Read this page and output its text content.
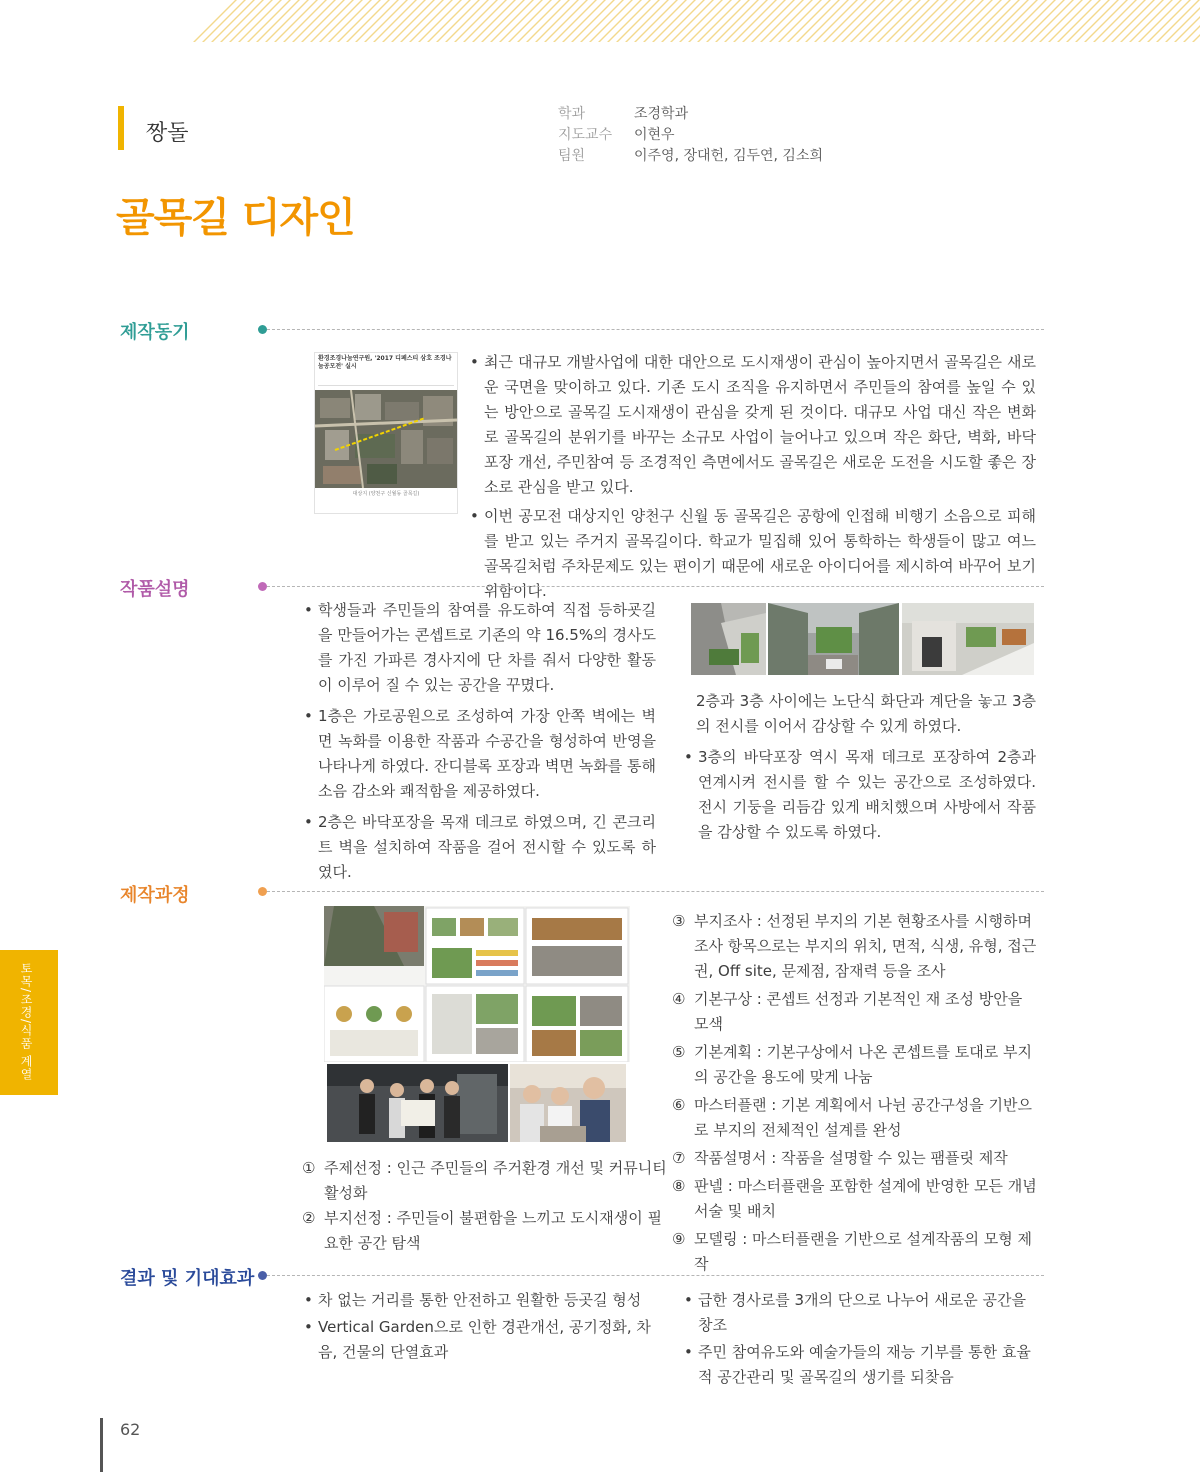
짱돌
학과	조경학과
지도교수	이현우
팀원	이주영, 장대헌, 김두연, 김소희
골목길 디자인
제작동기
환경조경나눔연구원, '2017 디페스티 삼호 조경나눔공모전' 실시
대상지 (양천구 신월동 골목길)
• 최근 대규모 개발사업에 대한 대안으로 도시재생이 관심이 높아지면서 골목길은 새로운 국면을 맞이하고 있다. 기존 도시 조직을 유지하면서 주민들의 참여를 높일 수 있는 방안으로 골목길 도시재생이 관심을 갖게 된 것이다. 대규모 사업 대신 작은 변화로 골목길의 분위기를 바꾸는 소규모 사업이 늘어나고 있으며 작은 화단, 벽화, 바닥포장 개선, 주민참여 등 조경적인 측면에서도 골목길은 새로운 도전을 시도할 좋은 장소로 관심을 받고 있다.
• 이번 공모전 대상지인 양천구 신월 동 골목길은 공항에 인접해 비행기 소음으로 피해를 받고 있는 주거지 골목길이다. 학교가 밀집해 있어 통학하는 학생들이 많고 여느 골목길처럼 주차문제도 있는 편이기 때문에 새로운 아이디어를 제시하여 바꾸어 보기 위함이다.
작품설명
• 학생들과 주민들의 참여를 유도하여 직접 등하굣길을 만들어가는 콘셉트로 기존의 약 16.5%의 경사도를 가진 가파른 경사지에 단 차를 줘서 다양한 활동이 이루어 질 수 있는 공간을 꾸몄다.
• 1층은 가로공원으로 조성하여 가장 안쪽 벽에는 벽면 녹화를 이용한 작품과 수공간을 형성하여 반영을 나타나게 하였다. 잔디블록 포장과 벽면 녹화를 통해 소음 감소와 쾌적함을 제공하였다.
• 2층은 바닥포장을 목재 데크로 하였으며, 긴 콘크리트 벽을 설치하여 작품을 걸어 전시할 수 있도록 하였다.
2층과 3층 사이에는 노단식 화단과 계단을 놓고 3층의 전시를 이어서 감상할 수 있게 하였다.
• 3층의 바닥포장 역시 목재 데크로 포장하여 2층과 연계시켜 전시를 할 수 있는 공간으로 조성하였다. 전시 기둥을 리듬감 있게 배치했으며 사방에서 작품을 감상할 수 있도록 하였다.
제작과정
① 주제선정 : 인근 주민들의 주거환경 개선 및 커뮤니티 활성화
② 부지선정 : 주민들이 불편함을 느끼고 도시재생이 필요한 공간 탐색
③ 부지조사 : 선정된 부지의 기본 현황조사를 시행하며 조사 항목으로는 부지의 위치, 면적, 식생, 유형, 접근권, Off site, 문제점, 잠재력 등을 조사
④ 기본구상 : 콘셉트 선정과 기본적인 재 조성 방안을 모색
⑤ 기본계획 : 기본구상에서 나온 콘셉트를 토대로 부지의 공간을 용도에 맞게 나눔
⑥ 마스터플랜 : 기본 계획에서 나뉜 공간구성을 기반으로 부지의 전체적인 설계를 완성
⑦ 작품설명서 : 작품을 설명할 수 있는 팸플릿 제작
⑧ 판넬 : 마스터플랜을 포함한 설계에 반영한 모든 개념 서술 및 배치
⑨ 모델링 : 마스터플랜을 기반으로 설계작품의 모형 제작
결과 및 기대효과
• 차 없는 거리를 통한 안전하고 원활한 등곳길 형성
• Vertical Garden으로 인한 경관개선, 공기정화, 차음, 건물의 단열효과
• 급한 경사로를 3개의 단으로 나누어 새로운 공간을 창조
• 주민 참여유도와 예술가들의 재능 기부를 통한 효율적 공간관리 및 골목길의 생기를 되찾음
토목/조경/식품 계열
62
